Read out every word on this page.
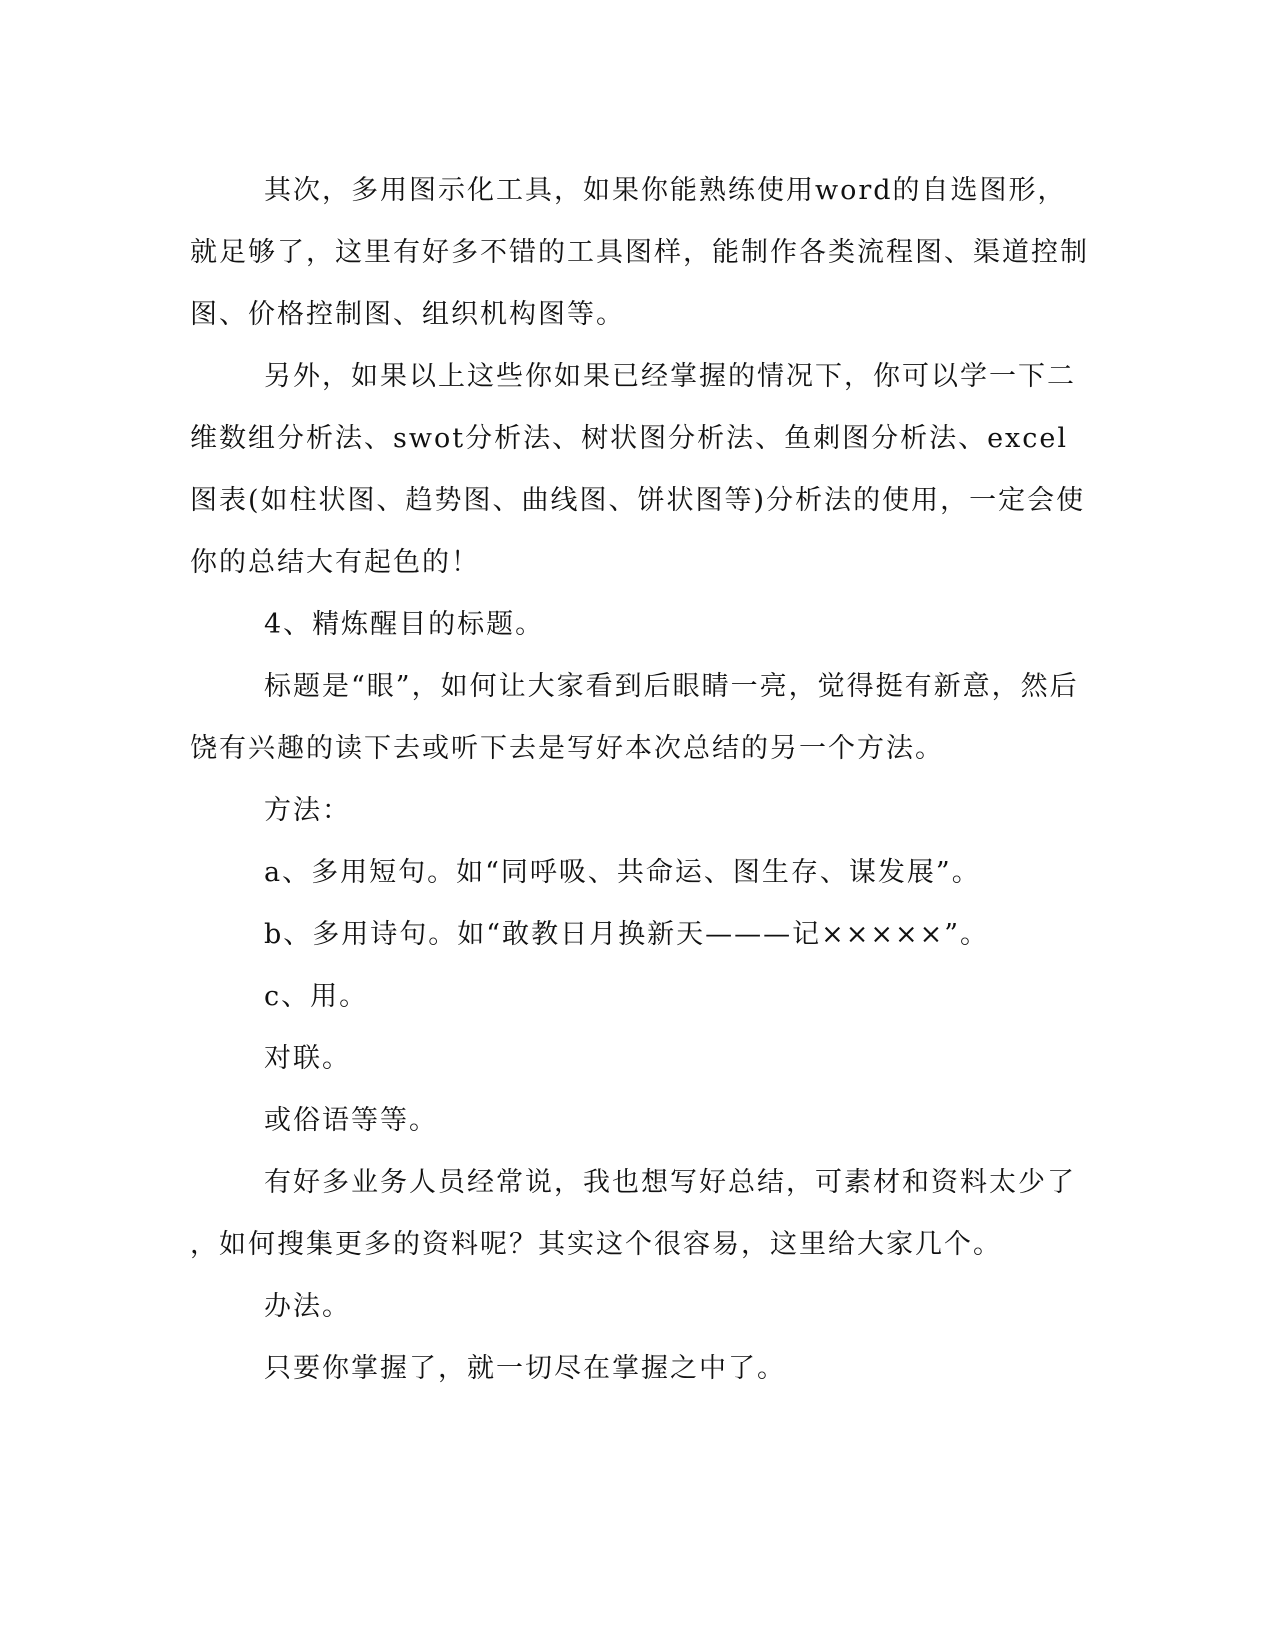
其次，多用图示化工具，如果你能熟练使用word的自选图形，就足够了，这里有好多不错的工具图样，能制作各类流程图、渠道控制图、价格控制图、组织机构图等。

另外，如果以上这些你如果已经掌握的情况下，你可以学一下二维数组分析法、swot分析法、树状图分析法、鱼刺图分析法、excel图表(如柱状图、趋势图、曲线图、饼状图等)分析法的使用，一定会使你的总结大有起色的！

4、精炼醒目的标题。

标题是“眼”，如何让大家看到后眼睛一亮，觉得挺有新意，然后饶有兴趣的读下去或听下去是写好本次总结的另一个方法。

方法：

a、多用短句。如“同呼吸、共命运、图生存、谋发展”。

b、多用诗句。如“敢教日月换新天———记×××××”。

c、用。

对联。

或俗语等等。

有好多业务人员经常说，我也想写好总结，可素材和资料太少了

，如何搜集更多的资料呢？其实这个很容易，这里给大家几个。

办法。

只要你掌握了，就一切尽在掌握之中了。
